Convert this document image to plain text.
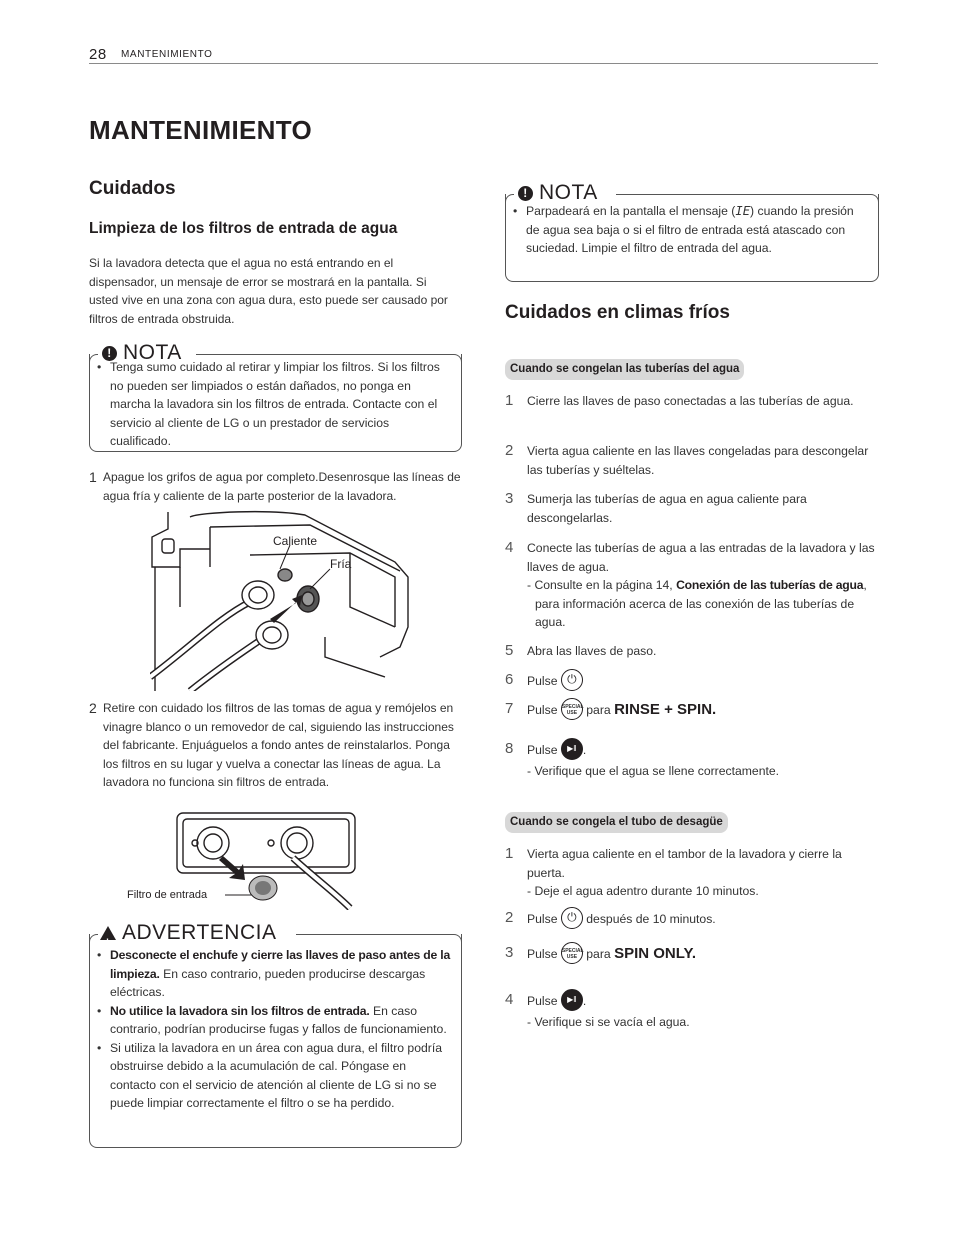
28 MANTENIMIENTO
MANTENIMIENTO
Cuidados
Limpieza de los filtros de entrada de agua
Si la lavadora detecta que el agua no está entrando en el dispensador, un mensaje de error se mostrará en la pantalla. Si usted vive en una zona con agua dura, esto puede ser causado por filtros de entrada obstruida.
! NOTA
• Tenga sumo cuidado al retirar y limpiar los filtros. Si los filtros no pueden ser limpiados o están dañados, no ponga en marcha la lavadora sin los filtros de entrada. Contacte con el servicio al cliente de LG o un prestador de servicios cualificado.
1 Apague los grifos de agua por completo.Desenrosque las líneas de agua fría y caliente de la parte posterior de la lavadora.
Caliente
Fría
2 Retire con cuidado los filtros de las tomas de agua y remójelos en vinagre blanco o un removedor de cal, siguiendo las instrucciones del fabricante. Enjuáguelos a fondo antes de reinstalarlos. Ponga los filtros en su lugar y vuelva a conectar las líneas de agua. La lavadora no funciona sin filtros de entrada.
Filtro de entrada
! ADVERTENCIA
• Desconecte el enchufe y cierre las llaves de paso antes de la limpieza. En caso contrario, pueden producirse descargas eléctricas.
• No utilice la lavadora sin los filtros de entrada. En caso contrario, podrían producirse fugas y fallos de funcionamiento.
• Si utiliza la lavadora en un área con agua dura, el filtro podría obstruirse debido a la acumulación de cal. Póngase en contacto con el servicio de atención al cliente de LG si no se puede limpiar correctamente el filtro o se ha perdido.
! NOTA
• Parpadeará en la pantalla el mensaje (IE) cuando la presión de agua sea baja o si el filtro de entrada está atascado con suciedad. Limpie el filtro de entrada del agua.
Cuidados en climas fríos
Cuando se congelan las tuberías del agua
1 Cierre las llaves de paso conectadas a las tuberías de agua.
2 Vierta agua caliente en las llaves congeladas para descongelar las tuberías y suéltelas.
3 Sumerja las tuberías de agua en agua caliente para descongelarlas.
4 Conecte las tuberías de agua a las entradas de la lavadora y las llaves de agua.
- Consulte en la página 14, Conexión de las tuberías de agua, para información acerca de las conexión de las tuberías de agua.
5 Abra las llaves de paso.
6 Pulse ⏻
7 Pulse SPECIAL
USE para RINSE + SPIN.
8 Pulse ▶‖ .
- Verifique que el agua se llene correctamente.
Cuando se congela el tubo de desagüe
1 Vierta agua caliente en el tambor de la lavadora y cierre la puerta.
- Deje el agua adentro durante 10 minutos.
2 Pulse ⏻ después de 10 minutos.
3 Pulse SPECIAL
USE para SPIN ONLY.
4 Pulse ▶‖ .
- Verifique si se vacía el agua.
